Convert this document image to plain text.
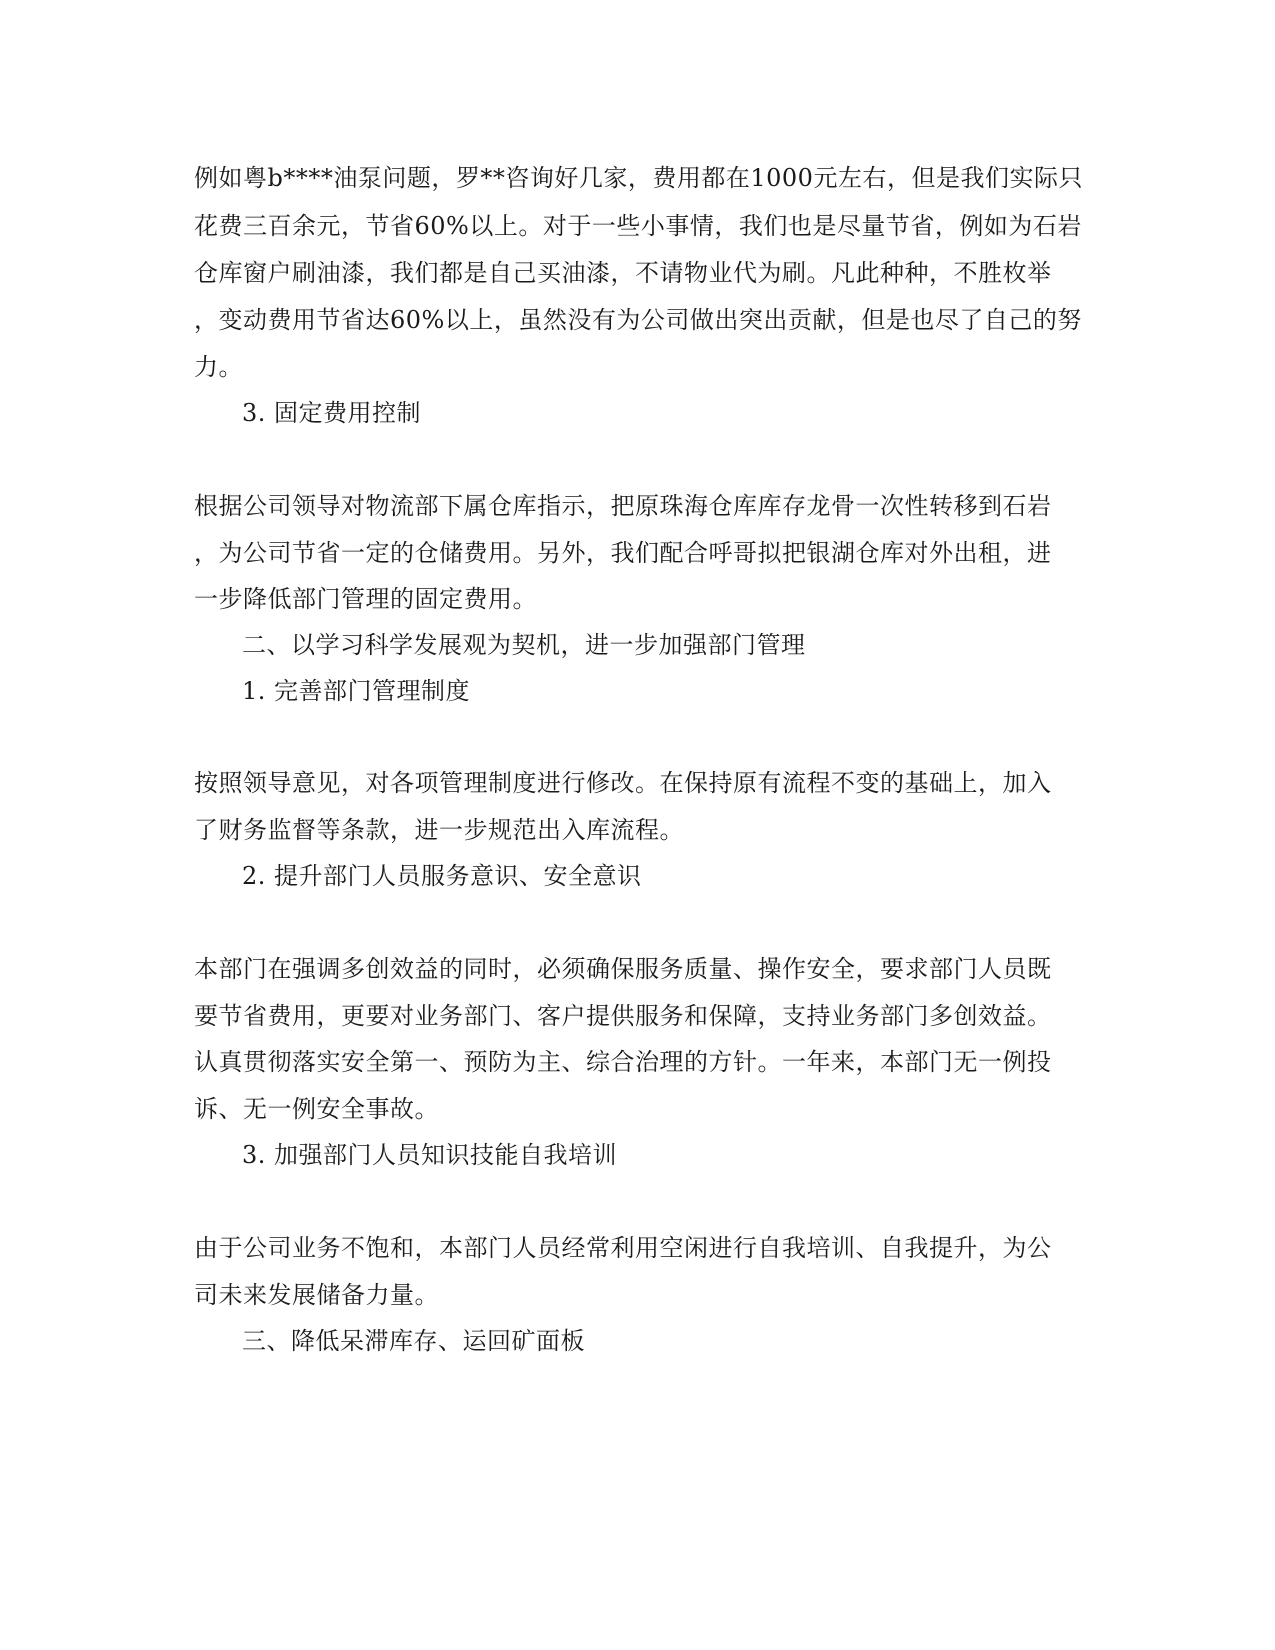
例如粤b****油泵问题，罗**咨询好几家，费用都在1000元左右，但是我们实际只
花费三百余元，节省60%以上。对于一些小事情，我们也是尽量节省，例如为石岩
仓库窗户刷油漆，我们都是自己买油漆，不请物业代为刷。凡此种种，不胜枚举
，变动费用节省达60%以上，虽然没有为公司做出突出贡献，但是也尽了自己的努
力。
3. 固定费用控制
根据公司领导对物流部下属仓库指示，把原珠海仓库库存龙骨一次性转移到石岩
，为公司节省一定的仓储费用。另外，我们配合呼哥拟把银湖仓库对外出租，进
一步降低部门管理的固定费用。
二、以学习科学发展观为契机，进一步加强部门管理
1. 完善部门管理制度
按照领导意见，对各项管理制度进行修改。在保持原有流程不变的基础上，加入
了财务监督等条款，进一步规范出入库流程。
2. 提升部门人员服务意识、安全意识
本部门在强调多创效益的同时，必须确保服务质量、操作安全，要求部门人员既
要节省费用，更要对业务部门、客户提供服务和保障，支持业务部门多创效益。
认真贯彻落实安全第一、预防为主、综合治理的方针。一年来，本部门无一例投
诉、无一例安全事故。
3. 加强部门人员知识技能自我培训
由于公司业务不饱和，本部门人员经常利用空闲进行自我培训、自我提升，为公
司未来发展储备力量。
三、降低呆滞库存、运回矿面板
